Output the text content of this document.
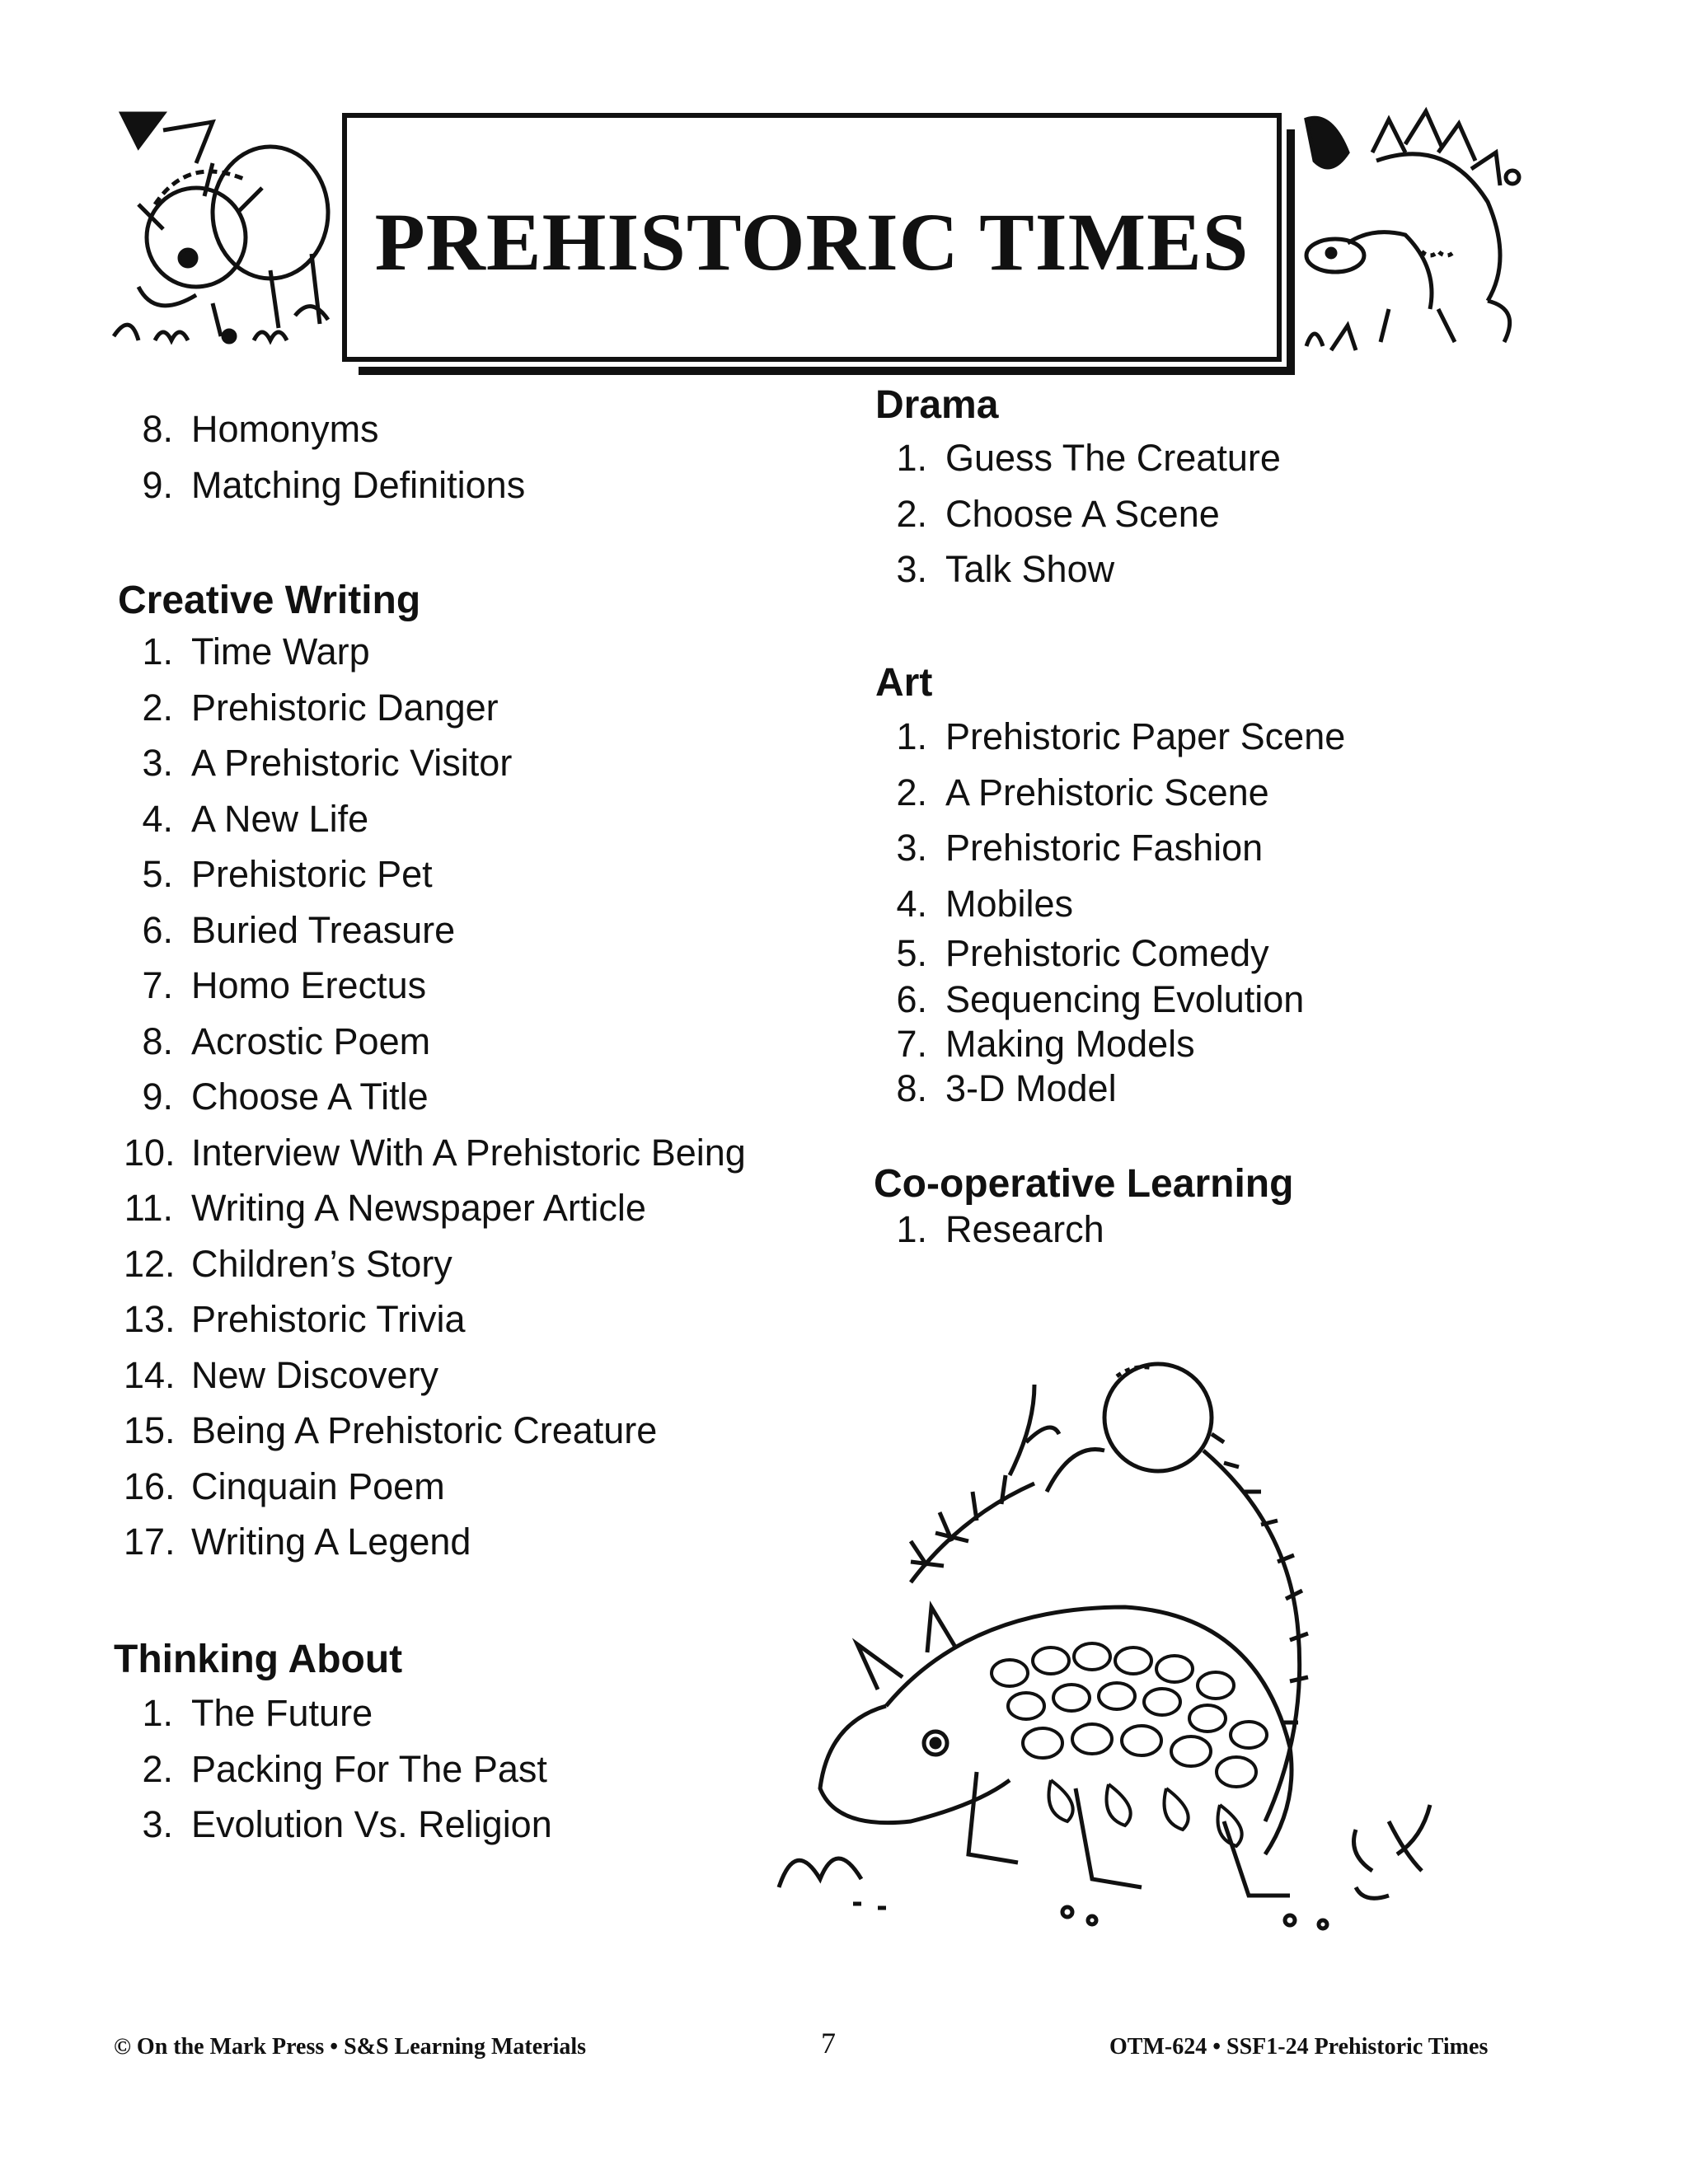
PREHISTORIC TIMES
8. Homonyms
9. Matching Definitions
Creative Writing
1. Time Warp
2. Prehistoric Danger
3. A Prehistoric Visitor
4. A New Life
5. Prehistoric Pet
6. Buried Treasure
7. Homo Erectus
8. Acrostic Poem
9. Choose A Title
10. Interview With A Prehistoric Being
11. Writing A Newspaper Article
12. Children’s Story
13. Prehistoric Trivia
14. New Discovery
15. Being A Prehistoric Creature
16. Cinquain Poem
17. Writing A Legend
Thinking About
1. The Future
2. Packing For The Past
3. Evolution Vs. Religion
Drama
1. Guess The Creature
2. Choose A Scene
3. Talk Show
Art
1. Prehistoric Paper Scene
2. A Prehistoric Scene
3. Prehistoric Fashion
4. Mobiles
5. Prehistoric Comedy
6. Sequencing Evolution
7. Making Models
8. 3-D Model
Co-operative Learning
1. Research
© On the Mark Press • S&S Learning Materials	7	OTM-624 • SSF1-24 Prehistoric Times
